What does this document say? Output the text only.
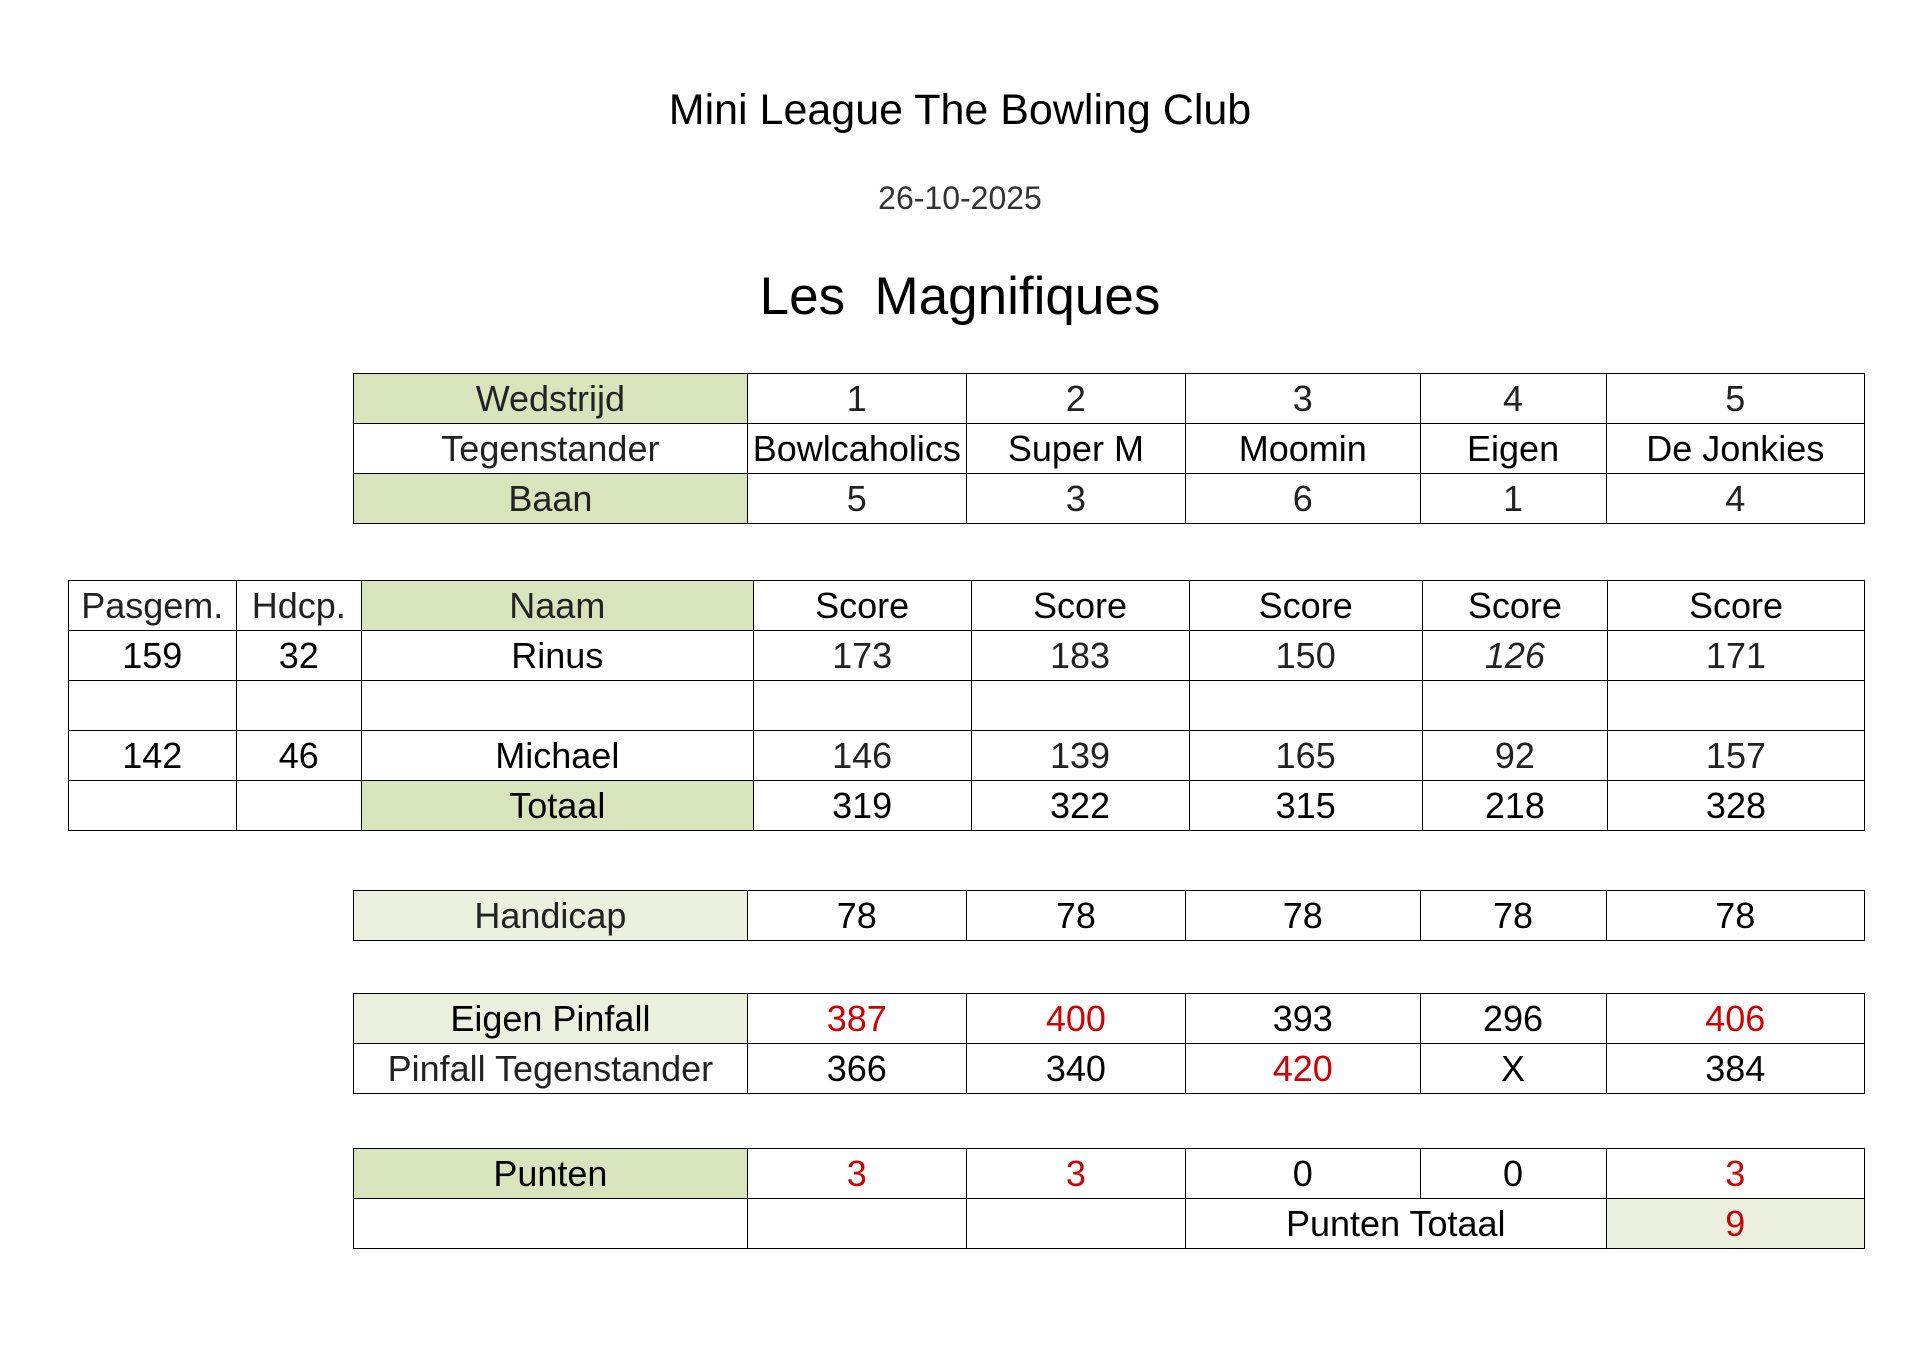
Mini League The Bowling Club
26-10-2025
Les  Magnifiques
Wedstrijd	1	2	3	4	5
Tegenstander	Bowlcaholics	Super M	Moomin	Eigen	De Jonkies
Baan	5	3	6	1	4
Pasgem.	Hdcp.	Naam	Score	Score	Score	Score	Score
159	32	Rinus	173	183	150	126	171

142	46	Michael	146	139	165	92	157
		Totaal	319	322	315	218	328
Handicap	78	78	78	78	78
Eigen Pinfall	387	400	393	296	406
Pinfall Tegenstander	366	340	420	X	384
Punten	3	3	0	0	3
			Punten Totaal		9
